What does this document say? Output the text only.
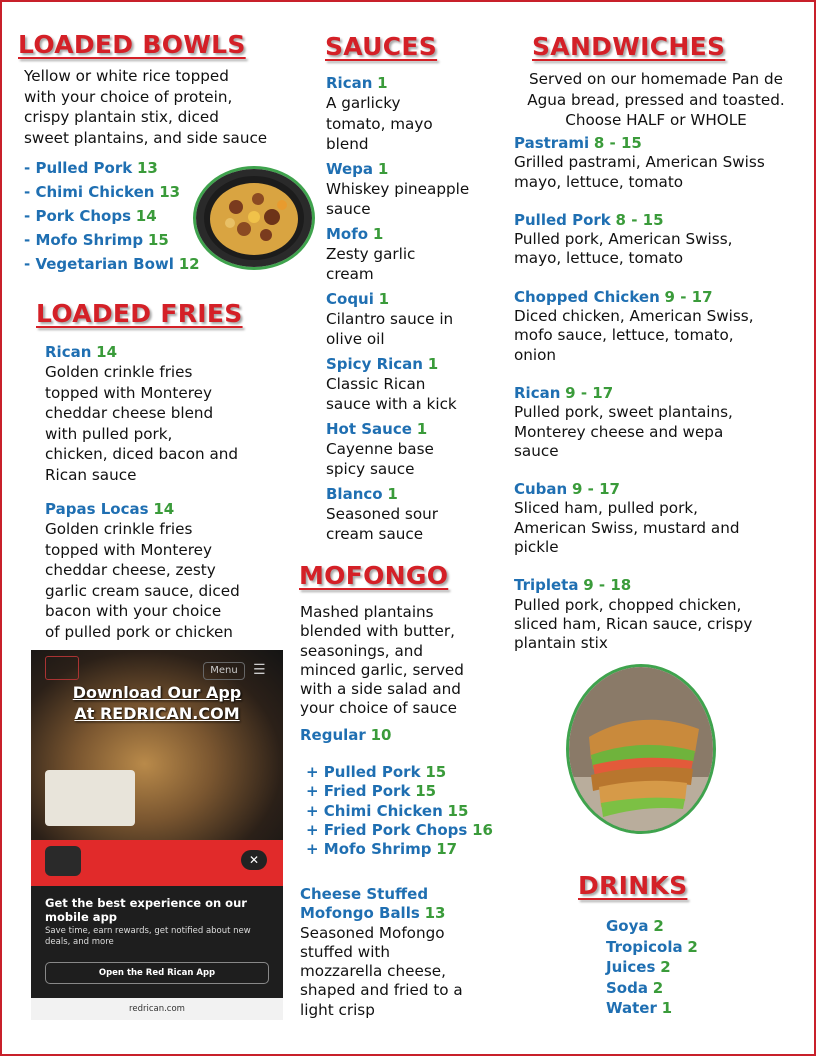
LOADED BOWLS
Yellow or white rice topped
with your choice of protein,
crispy plantain stix, diced
sweet plantains, and side sauce
- Pulled Pork 13
- Chimi Chicken 13
- Pork Chops 14
- Mofo Shrimp 15
- Vegetarian Bowl 12
LOADED FRIES
Rican 14
Golden crinkle fries
topped with Monterey
cheddar cheese blend
with pulled pork,
chicken, diced bacon and
Rican sauce
Papas Locas 14
Golden crinkle fries
topped with Monterey
cheddar cheese, zesty
garlic cream sauce, diced
bacon with your choice
of pulled pork or chicken
Menu	☰
Download Our App
At REDRICAN.COM
✕
Get the best experience on our mobile app
Save time, earn rewards, get notified about new deals, and more
Open the Red Rican App
redrican.com
SAUCES
Rican 1
A garlicky
tomato, mayo
blend
Wepa 1
Whiskey pineapple
sauce
Mofo 1
Zesty garlic
cream
Coqui 1
Cilantro sauce in
olive oil
Spicy Rican 1
Classic Rican
sauce with a kick
Hot Sauce 1
Cayenne base
spicy sauce
Blanco 1
Seasoned sour
cream sauce
MOFONGO
Mashed plantains
blended with butter,
seasonings, and
minced garlic, served
with a side salad and
your choice of sauce
Regular 10
+ Pulled Pork 15
+ Fried Pork 15
+ Chimi Chicken 15
+ Fried Pork Chops 16
+ Mofo Shrimp 17
Cheese Stuffed
Mofongo Balls 13
Seasoned Mofongo
stuffed with
mozzarella cheese,
shaped and fried to a
light crisp
SANDWICHES
Served on our homemade Pan de
Agua bread, pressed and toasted.
Choose HALF or WHOLE
Pastrami 8 - 15
Grilled pastrami, American Swiss
mayo, lettuce, tomato
Pulled Pork 8 - 15
Pulled pork, American Swiss,
mayo, lettuce, tomato
Chopped Chicken 9 - 17
Diced chicken, American Swiss,
mofo sauce, lettuce, tomato,
onion
Rican 9 - 17
Pulled pork, sweet plantains,
Monterey cheese and wepa
sauce
Cuban 9 - 17
Sliced ham, pulled pork,
American Swiss, mustard and
pickle
Tripleta 9 - 18
Pulled pork, chopped chicken,
sliced ham, Rican sauce, crispy
plantain stix
DRINKS
Goya 2
Tropicola 2
Juices 2
Soda 2
Water 1
